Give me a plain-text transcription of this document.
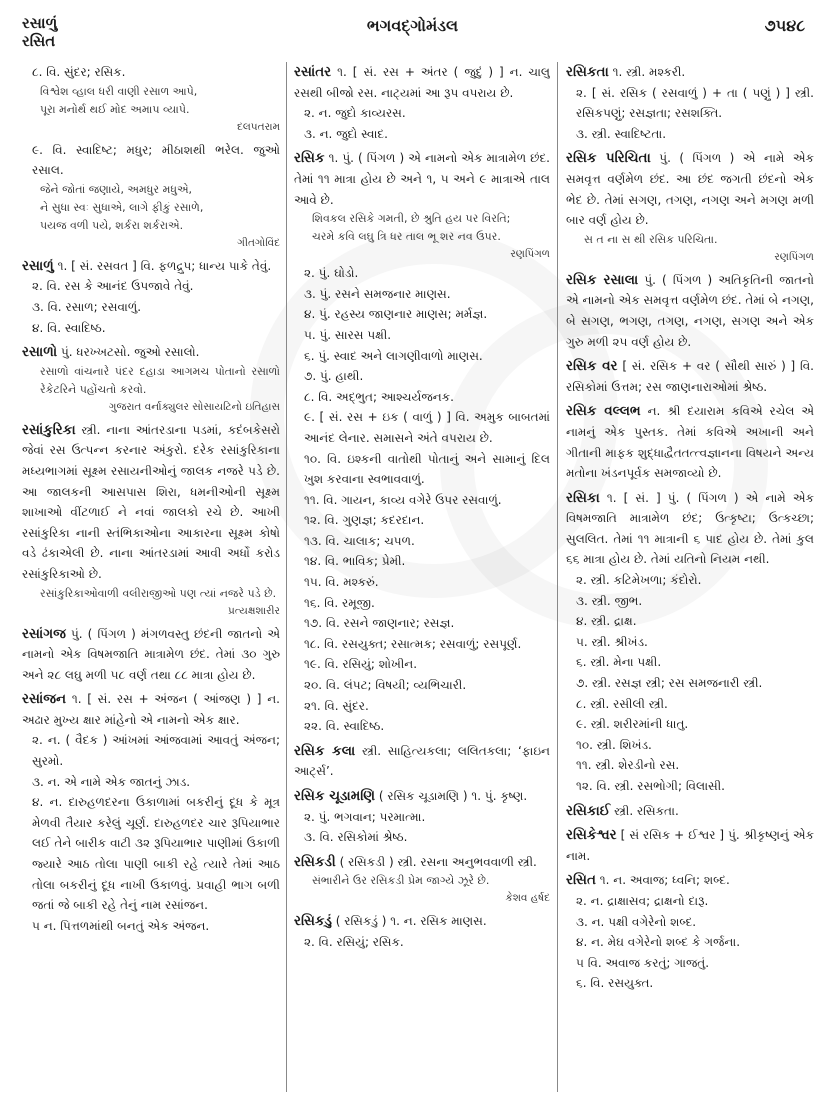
રસાળું
રસિત
ભગવદ્ગોમંડલ	૭૫૪૮
૮. વિ. સુંદર; રસિક.
વિશ્વેશ વ્હાલ ધરી વાણી રસાળ આપે,
પૂરા મનોર્થ થઈ મોદ અમાપ વ્યાપે.
દલપતરામ
૯. વિ. સ્વાદિષ્ટ; મધુર; મીઠાશથી ભરેલ. જુઓ રસાલ.
જેને જોતાં જણાયે, અમધુર મધુએ,
ને સુધા સ્વઃ સુધાએ, લાગે ફીકું રસાળે,
પયજ વળી પયે, શર્કરા શર્કરાએ.
ગીતગોવિંદ
રસાળું ૧. [ સં. રસવત ] વિ. ફળદ્રુપ; ધાન્ય પાકે તેવું.
૨. વિ. રસ કે આનંદ ઉપજાવે તેવું.
૩. વિ. રસાળ; રસવાળું.
૪. વિ. સ્વાદિષ્ઠ.
રસાળો પું. ધરખ્ખટસો. જુઓ રસાલો.
રસાળો વાંચનારે પંદર દહાડા આગમચ પોતાનો રસાળો રેકેટરિને પહોંચતો કરવો.
ગુજરાત વર્નાક્યુલર સોસાયટિનો ઇતિહાસ
રસાંકુરિકા સ્ત્રી. નાના આંતરડાના પડમાં, કદંબકેસરો જેવાં રસ ઉત્પન્ન કરનાર અંકુરો. દરેક રસાંકુરિકાના મધ્યભાગમાં સૂક્ષ્મ રસાયનીઓનું જાલક નજરે પડે છે. આ જાલકની આસપાસ શિરા, ધમનીઓની સૂક્ષ્મ શાખાઓ વીંટળાઈ ને નવાં જાલકો રચે છે. આખી રસાંકુરિકા નાની સ્તંભિકાઓના આકારના સૂક્ષ્મ કોષો વડે ઢંકાએલી છે. નાના આંતરડામાં આવી અર્ધો કરોડ રસાંકુરિકાઓ છે.
રસાંકુરિકાઓવાળી વલીરાજીઓ પણ ત્યાં નજરે પડે છે.
પ્રત્યક્ષશારીર
રસાંગજ પું. ( પિંગળ ) મંગળવસ્તુ છંદની જાતનો એ નામનો એક વિષમજાતિ માત્રામેળ છંદ. તેમાં ૩૦ ગુરુ અને ૨૮ લઘુ મળી ૫૮ વર્ણ તથા ૮૮ માત્રા હોય છે.
રસાંજન ૧. [ સં. રસ + અંજન ( આંજણ ) ] ન. અઢાર મુખ્ય ક્ષાર માંહેનો એ નામનો એક ક્ષાર.
૨. ન. ( વૈદક ) આંખમાં આંજવામાં આવતું અંજન; સુરમો.
૩. ન. એ નામે એક જાતનું ઝાડ.
૪. ન. દારુહળદરના ઉકાળામાં બકરીનું દૂધ કે મૂત્ર મેળવી તૈયાર કરેલું ચૂર્ણ. દારુહળદર ચાર રૂપિયાભાર લઈ તેને બારીક વાટી ૩૨ રૂપિયાભાર પાણીમાં ઉકાળી જ્યારે આઠ તોલા પાણી બાકી રહે ત્યારે તેમાં આઠ તોલા બકરીનું દૂધ નાખી ઉકાળવું. પ્રવાહી ભાગ બળી જતાં જે બાકી રહે તેનું નામ રસાંજન.
૫ ન. પિત્તળમાંથી બનતું એક અંજન.
રસાંતર ૧. [ સં. રસ + અંતર ( જુદું ) ] ન. ચાલુ રસથી બીજો રસ. નાટ્યમાં આ રૂપ વપરાય છે.
૨. ન. જુદો કાવ્યરસ.
૩. ન. જુદો સ્વાદ.
રસિક ૧. પું. ( પિંગળ ) એ નામનો એક માત્રામેળ છંદ. તેમાં ૧૧ માત્રા હોય છે અને ૧, ૫ અને ૯ માત્રાએ તાલ આવે છે.
શિવકલ રસિકે ગમતી, છે શ્રુતિ હય પર વિરતિ;
ચરમે કવિ લઘુ ત્રિ ધર તાલ ભૂ શર નવ ઉપર.
રણપિંગળ
૨. પું. ઘોડો.
૩. પું. રસને સમજનાર માણસ.
૪. પું. રહસ્ય જાણનાર માણસ; મર્મજ્ઞ.
૫. પું. સારસ પક્ષી.
૬. પું. સ્વાદ અને લાગણીવાળો માણસ.
૭. પું. હાથી.
૮. વિ. અદ્ભુત; આશ્ચર્યજનક.
૯. [ સં. રસ + ઇક ( વાળું ) ] વિ. અમુક બાબતમાં આનંદ લેનાર. સમાસને અંતે વપરાય છે.
૧૦. વિ. ઇશ્કની વાતોથી પોતાનું અને સામાનું દિલ ખુશ કરવાના સ્વભાવવાળું.
૧૧. વિ. ગાયન, કાવ્ય વગેરે ઉપર રસવાળું.
૧૨. વિ. ગુણજ્ઞ; કદરદાન.
૧૩. વિ. ચાલાક; ચપળ.
૧૪. વિ. ભાવિક; પ્રેમી.
૧૫. વિ. મશ્કરું.
૧૬. વિ. રમૂજી.
૧૭. વિ. રસને જાણનાર; રસજ્ઞ.
૧૮. વિ. રસયુક્ત; રસાત્મક; રસવાળું; રસપૂર્ણ.
૧૯. વિ. રસિયું; શોખીન.
૨૦. વિ. લંપટ; વિષયી; વ્યભિચારી.
૨૧. વિ. સુંદર.
૨૨. વિ. સ્વાદિષ્ઠ.
રસિક કલા સ્ત્રી. સાહિત્યકલા; લલિતકલા; ‘ફાઇન આર્ટ્સ’.
રસિક ચૂડામણિ ( રસિક ચૂડામણિ ) ૧. પું. કૃષ્ણ.
૨. પું. ભગવાન; પરમાત્મા.
૩. વિ. રસિકોમાં શ્રેષ્ઠ.
રસિકડી ( રસિકડી ) સ્ત્રી. રસના અનુભવવાળી સ્ત્રી.
સંભારીને ઉર રસિકડી પ્રેમ જાગ્યે ઝૂરે છે.
કેશવ હર્ષદ
રસિકડું ( રસિકડું ) ૧. ન. રસિક માણસ.
૨. વિ. રસિયું; રસિક.
રસિકતા ૧. સ્ત્રી. મશ્કરી.
૨. [ સં. રસિક ( રસવાળું ) + તા ( પણું ) ] સ્ત્રી. રસિકપણું; રસજ્ઞતા; રસશક્તિ.
૩. સ્ત્રી. સ્વાદિષ્ટતા.
રસિક પરિચિતા પું. ( પિંગળ ) એ નામે એક સમવૃત્ત વર્ણમેળ છંદ. આ છંદ જગતી છંદનો એક ભેદ છે. તેમાં સગણ, તગણ, નગણ અને મગણ મળી બાર વર્ણ હોય છે.
સ ત ના સ થી રસિક પરિચિતા.
રણપિંગળ
રસિક રસાલા પું. ( પિંગળ ) અતિકૃતિની જાતનો એ નામનો એક સમવૃત્ત વર્ણમેળ છંદ. તેમાં બે નગણ, બે સગણ, ભગણ, તગણ, નગણ, સગણ અને એક ગુરુ મળી ૨૫ વર્ણ હોય છે.
રસિક વર [ સં. રસિક + વર ( સૌથી સારું ) ] વિ. રસિકોમાં ઉત્તમ; રસ જાણનારાઓમાં શ્રેષ્ઠ.
રસિક વલ્લભ ન. શ્રી દયારામ કવિએ રચેલ એ નામનું એક પુસ્તક. તેમાં કવિએ અખાની અને ગીતાની માફક શુદ્ધાદ્વૈતતત્ત્વજ્ઞાનના વિષયને અન્ય મતોના ખંડનપૂર્વક સમજાવ્યો છે.
રસિકા ૧. [ સં. ] પું. ( પિંગળ ) એ નામે એક વિષમજાતિ માત્રામેળ છંદ; ઉત્કૃષ્ટા; ઉત્કચ્છા; સુલલિત. તેમાં ૧૧ માત્રાની ૬ પાદ હોય છે. તેમાં કુલ ૬૬ માત્રા હોય છે. તેમાં યતિનો નિયમ નથી.
૨. સ્ત્રી. કટિમેખળા; કંદોરો.
૩. સ્ત્રી. જીભ.
૪. સ્ત્રી. દ્રાક્ષ.
૫. સ્ત્રી. શ્રીખંડ.
૬. સ્ત્રી. મેના પક્ષી.
૭. સ્ત્રી. રસજ્ઞ સ્ત્રી; રસ સમજનારી સ્ત્રી.
૮. સ્ત્રી. રસીલી સ્ત્રી.
૯. સ્ત્રી. શરીરમાંની ધાતુ.
૧૦. સ્ત્રી. શિખંડ.
૧૧. સ્ત્રી. શેરડીનો રસ.
૧૨. વિ. સ્ત્રી. રસભોગી; વિલાસી.
રસિકાઈ સ્ત્રી. રસિકતા.
રસિકેશ્વર [ સં રસિક + ઈશ્વર ] પું. શ્રીકૃષ્ણનું એક નામ.
રસિત ૧. ન. અવાજ; ધ્વનિ; શબ્દ.
૨. ન. દ્રાક્ષાસવ; દ્રાક્ષનો દારૂ.
૩. ન. પક્ષી વગેરેનો શબ્દ.
૪. ન. મેઘ વગેરેનો શબ્દ કે ગર્જના.
૫ વિ. અવાજ કરતું; ગાજતું.
૬. વિ. રસયુક્ત.
